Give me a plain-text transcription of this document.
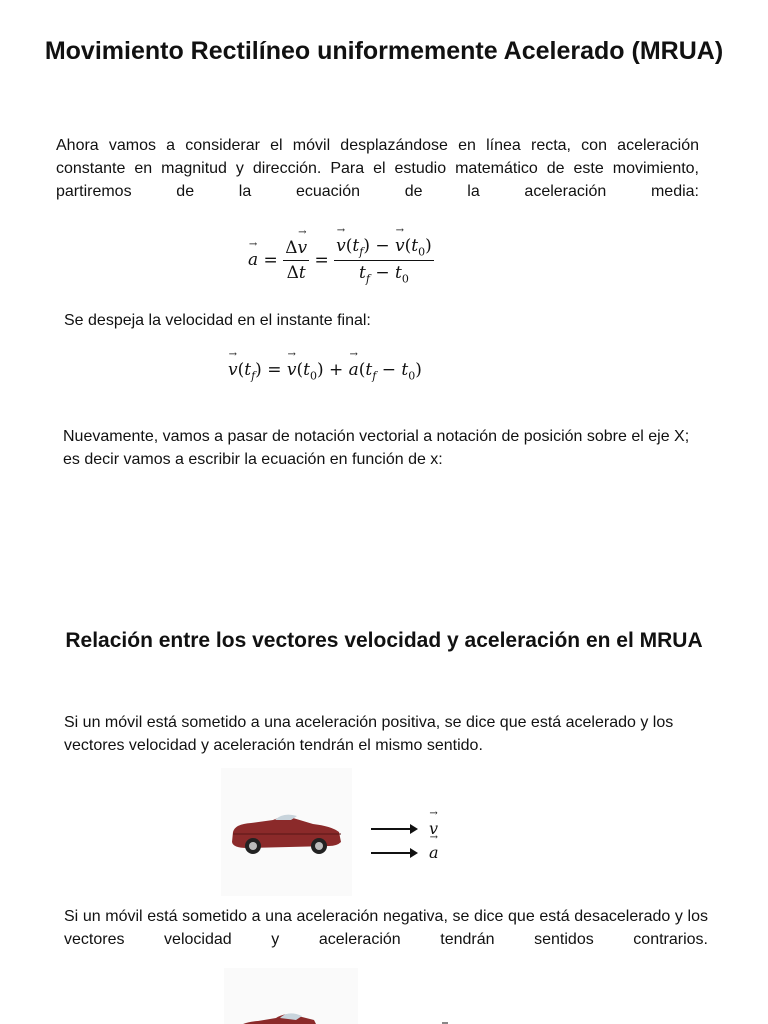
Movimiento Rectilíneo uniformemente Acelerado (MRUA)
Ahora vamos a considerar el móvil desplazándose en línea recta, con aceleración constante en magnitud y dirección. Para el estudio matemático de este movimiento, partiremos de la ecuación de la aceleración media:
→ $a = \frac{\Delta\to v}{\Delta t}$ =
→ $\frac{v(t_f) - \to v(t_0)}{t_f - t_0}$
Se despeja la velocidad en el instante final:
→ $v(t_f)$ = → $v(t_0)$ + → $a(t_f - t_0)$
Nuevamente, vamos a pasar de notación vectorial a notación de posición sobre el eje X; es decir vamos a escribir la ecuación en función de x:
Relación entre los vectores velocidad y aceleración en el MRUA
Si un móvil está sometido a una aceleración positiva, se dice que está acelerado y los vectores velocidad y aceleración tendrán el mismo sentido.
→ v
→ a
Si un móvil está sometido a una aceleración negativa, se dice que está desacelerado y los vectores velocidad y aceleración tendrán sentidos contrarios.
